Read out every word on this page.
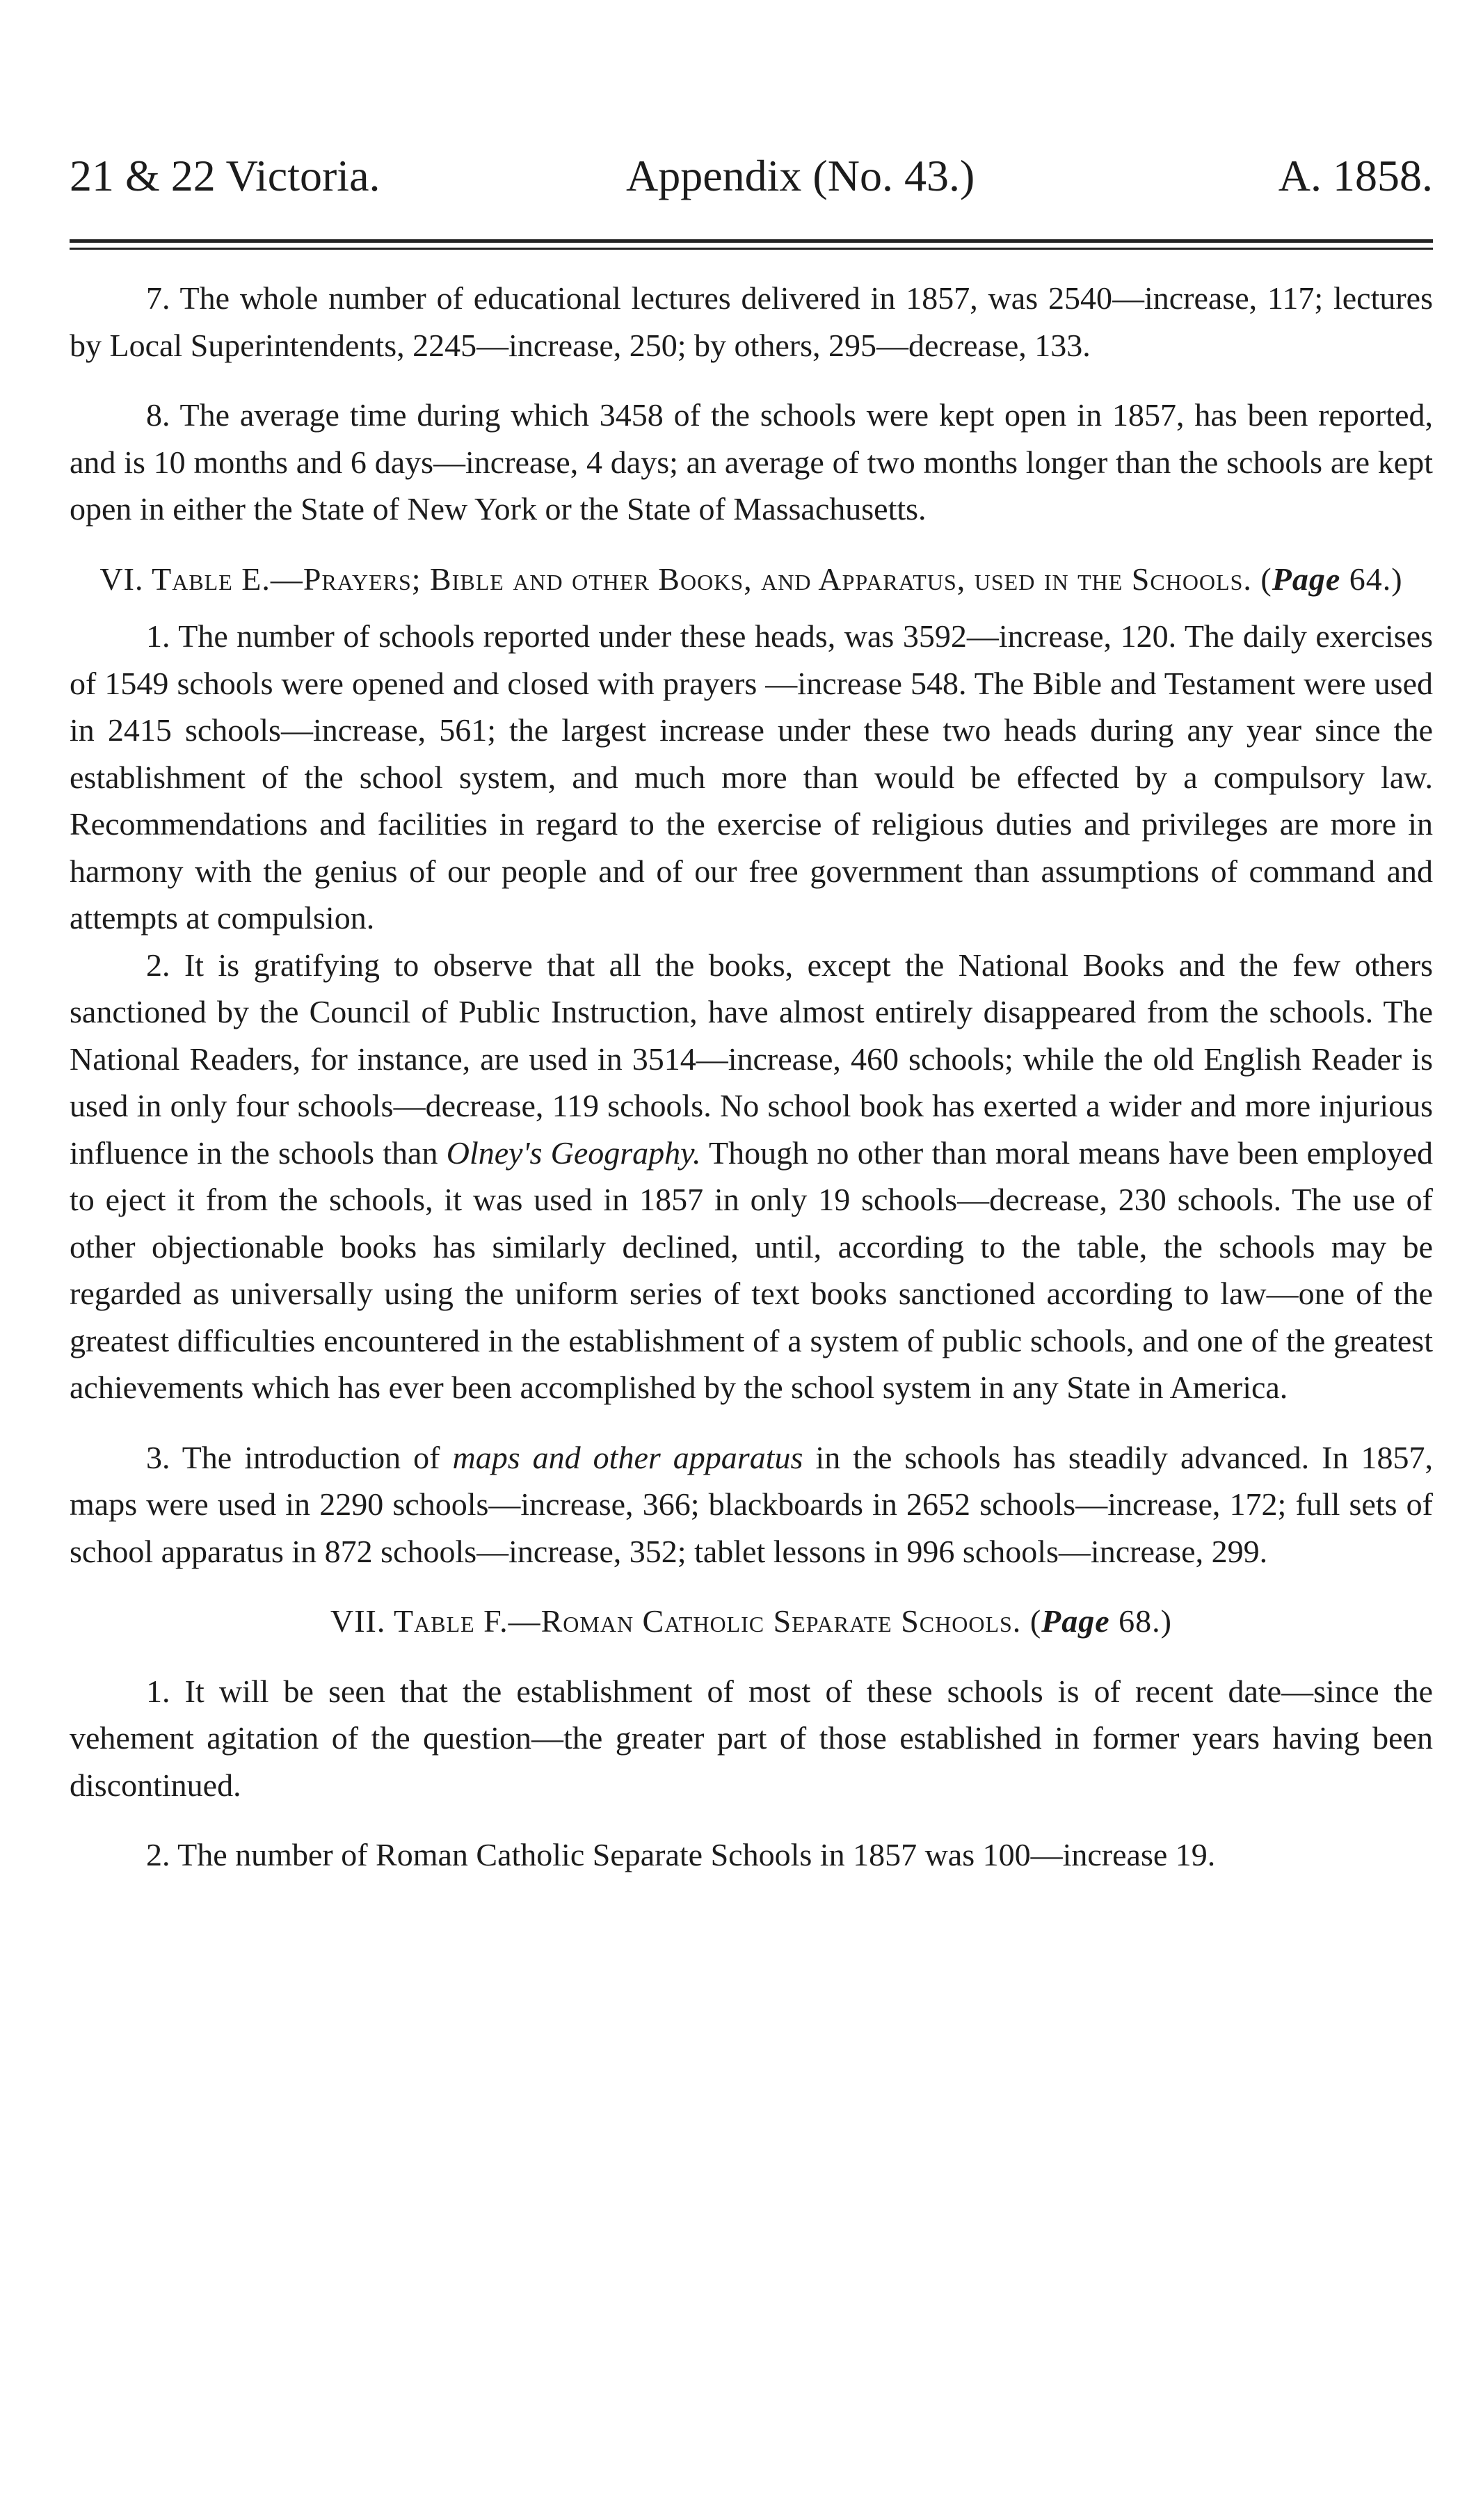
21 & 22 Victoria.	Appendix (No. 43.)	A. 1858.

7. The whole number of educational lectures delivered in 1857, was 2540—increase, 117; lectures by Local Superintendents, 2245—increase, 250; by others, 295—decrease, 133.

8. The average time during which 3458 of the schools were kept open in 1857, has been reported, and is 10 months and 6 days—increase, 4 days; an average of two months longer than the schools are kept open in either the State of New York or the State of Massachusetts.

VI. Table E.—Prayers; Bible and other Books, and Apparatus, used in the Schools. (Page 64.)

1. The number of schools reported under these heads, was 3592—increase, 120. The daily exercises of 1549 schools were opened and closed with prayers —increase 548. The Bible and Testament were used in 2415 schools—increase, 561; the largest increase under these two heads during any year since the establishment of the school system, and much more than would be effected by a compulsory law. Recommendations and facilities in regard to the exercise of religious duties and privileges are more in harmony with the genius of our people and of our free government than assumptions of command and attempts at compulsion.

2. It is gratifying to observe that all the books, except the National Books and the few others sanctioned by the Council of Public Instruction, have almost entirely disappeared from the schools. The National Readers, for instance, are used in 3514—increase, 460 schools; while the old English Reader is used in only four schools—decrease, 119 schools. No school book has exerted a wider and more injurious influence in the schools than Olney's Geography. Though no other than moral means have been employed to eject it from the schools, it was used in 1857 in only 19 schools—decrease, 230 schools. The use of other objectionable books has similarly declined, until, according to the table, the schools may be regarded as universally using the uniform series of text books sanctioned according to law—one of the greatest difficulties encountered in the establishment of a system of public schools, and one of the greatest achievements which has ever been accomplished by the school system in any State in America.

3. The introduction of maps and other apparatus in the schools has steadily advanced. In 1857, maps were used in 2290 schools—increase, 366; blackboards in 2652 schools—increase, 172; full sets of school apparatus in 872 schools—increase, 352; tablet lessons in 996 schools—increase, 299.

VII. Table F.—Roman Catholic Separate Schools. (Page 68.)

1. It will be seen that the establishment of most of these schools is of recent date—since the vehement agitation of the question—the greater part of those established in former years having been discontinued.

2. The number of Roman Catholic Separate Schools in 1857 was 100—increase 19.
